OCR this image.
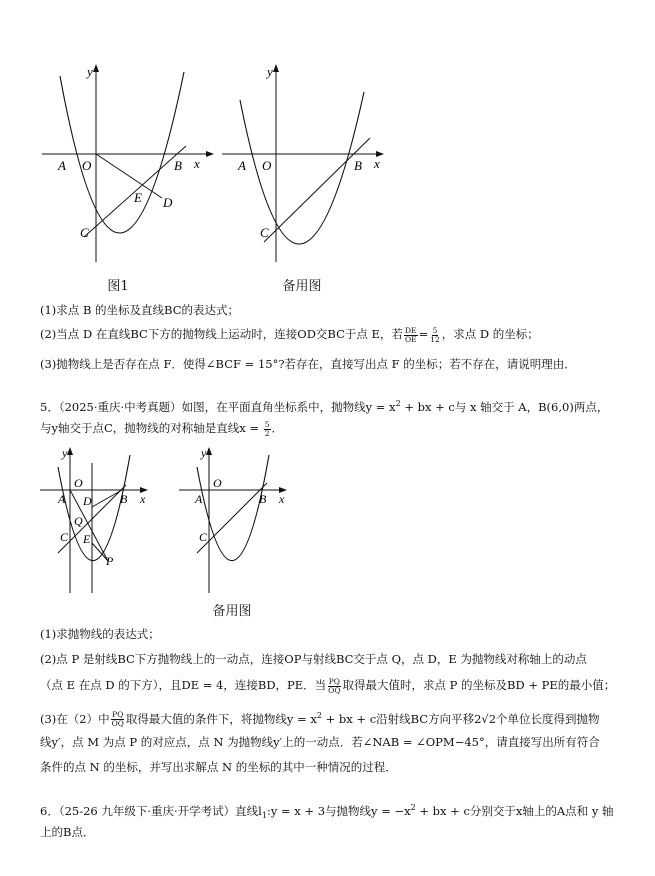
y
x
A O	B
E D
C
图1
y
x
A O	B
C
备用图
(1)求点 B 的坐标及直线BC的表达式；
(2)当点 D 在直线BC下方的抛物线上运动时，连接OD交BC于点 E，若 $\frac{DE}{OE} = \frac{5}{12}$ ，求点 D 的坐标；
(3)抛物线上是否存在点 F．使得∠BCF = 15°?若存在，直接写出点 F 的坐标；若不存在，请说明理由．
5．（2025·重庆·中考真题）如图，在平面直角坐标系中，抛物线$y = x^2$ + bx + c与 x 轴交于 A，B(6,0)两点，
与y轴交于点C，抛物线的对称轴是直线$x = \frac{5}{2}$ ．
y
x
A
O
D B
Q
C E
P
y
x
A
O
B
C
备用图
(1)求抛物线的表达式；
(2)点 P 是射线BC下方抛物线上的一动点，连接OP与射线BC交于点 Q，点 D，E 为抛物线对称轴上的动点
（点 E 在点 D 的下方），且DE = 4，连接BD，PE．当 $\frac{PQ}{OQ}$ 取得最大值时，求点 P 的坐标及BD + PE的最小值；
(3)在（2）中 $\frac{PQ}{OQ}$ 取得最大值的条件下，将抛物线$y = x^2$ + bx + c沿射线BC方向平移2√2个单位长度得到抛物
线y′，点 M 为点 P 的对应点，点 N 为抛物线y′上的一动点．若∠NAB = ∠OPM−45°，请直接写出所有符合
条件的点 N 的坐标，并写出求解点 N 的坐标的其中一种情况的过程．
6．（25-26 九年级下·重庆·开学考试）直线$l_1:y = x + 3$与抛物线$y = -x^2$ + bx + c分别交于x轴上的A点和 y 轴
上的B点．
